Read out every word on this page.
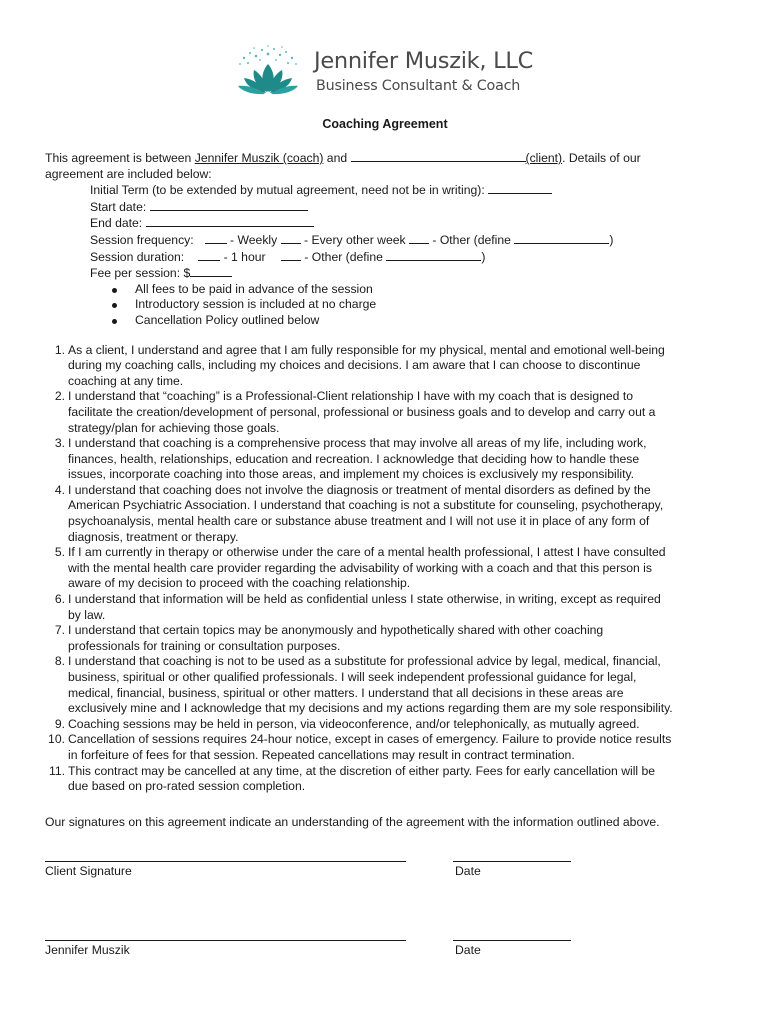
Jennifer Muszik, LLC
Business Consultant & Coach
Coaching Agreement

This agreement is between Jennifer Muszik (coach) and	(client). Details of our

agreement are included below:

Initial Term (to be extended by mutual agreement, need not be in writing):
Start date:
End date:
Session frequency:	- Weekly  - Every other week  - Other (define	)
Session duration:	- 1 hour	- Other (define	)
Fee per session: $
All fees to be paid in advance of the session
Introductory session is included at no charge
Cancellation Policy outlined below
1. As a client, I understand and agree that I am fully responsible for my physical, mental and emotional well-being
during my coaching calls, including my choices and decisions. I am aware that I can choose to discontinue
coaching at any time.
2. I understand that “coaching” is a Professional-Client relationship I have with my coach that is designed to
facilitate the creation/development of personal, professional or business goals and to develop and carry out a
strategy/plan for achieving those goals.
3. I understand that coaching is a comprehensive process that may involve all areas of my life, including work,
finances, health, relationships, education and recreation. I acknowledge that deciding how to handle these
issues, incorporate coaching into those areas, and implement my choices is exclusively my responsibility.
4. I understand that coaching does not involve the diagnosis or treatment of mental disorders as defined by the
American Psychiatric Association. I understand that coaching is not a substitute for counseling, psychotherapy,
psychoanalysis, mental health care or substance abuse treatment and I will not use it in place of any form of
diagnosis, treatment or therapy.
5. If I am currently in therapy or otherwise under the care of a mental health professional, I attest I have consulted
with the mental health care provider regarding the advisability of working with a coach and that this person is
aware of my decision to proceed with the coaching relationship.
6. I understand that information will be held as confidential unless I state otherwise, in writing, except as required
by law.
7. I understand that certain topics may be anonymously and hypothetically shared with other coaching
professionals for training or consultation purposes.
8. I understand that coaching is not to be used as a substitute for professional advice by legal, medical, financial,
business, spiritual or other qualified professionals. I will seek independent professional guidance for legal,
medical, financial, business, spiritual or other matters. I understand that all decisions in these areas are
exclusively mine and I acknowledge that my decisions and my actions regarding them are my sole responsibility.
9. Coaching sessions may be held in person, via videoconference, and/or telephonically, as mutually agreed.
10. Cancellation of sessions requires 24-hour notice, except in cases of emergency. Failure to provide notice results
in forfeiture of fees for that session. Repeated cancellations may result in contract termination.
11. This contract may be cancelled at any time, at the discretion of either party. Fees for early cancellation will be
due based on pro-rated session completion.
Our signatures on this agreement indicate an understanding of the agreement with the information outlined above.
Client Signature	Date
Jennifer Muszik	Date
